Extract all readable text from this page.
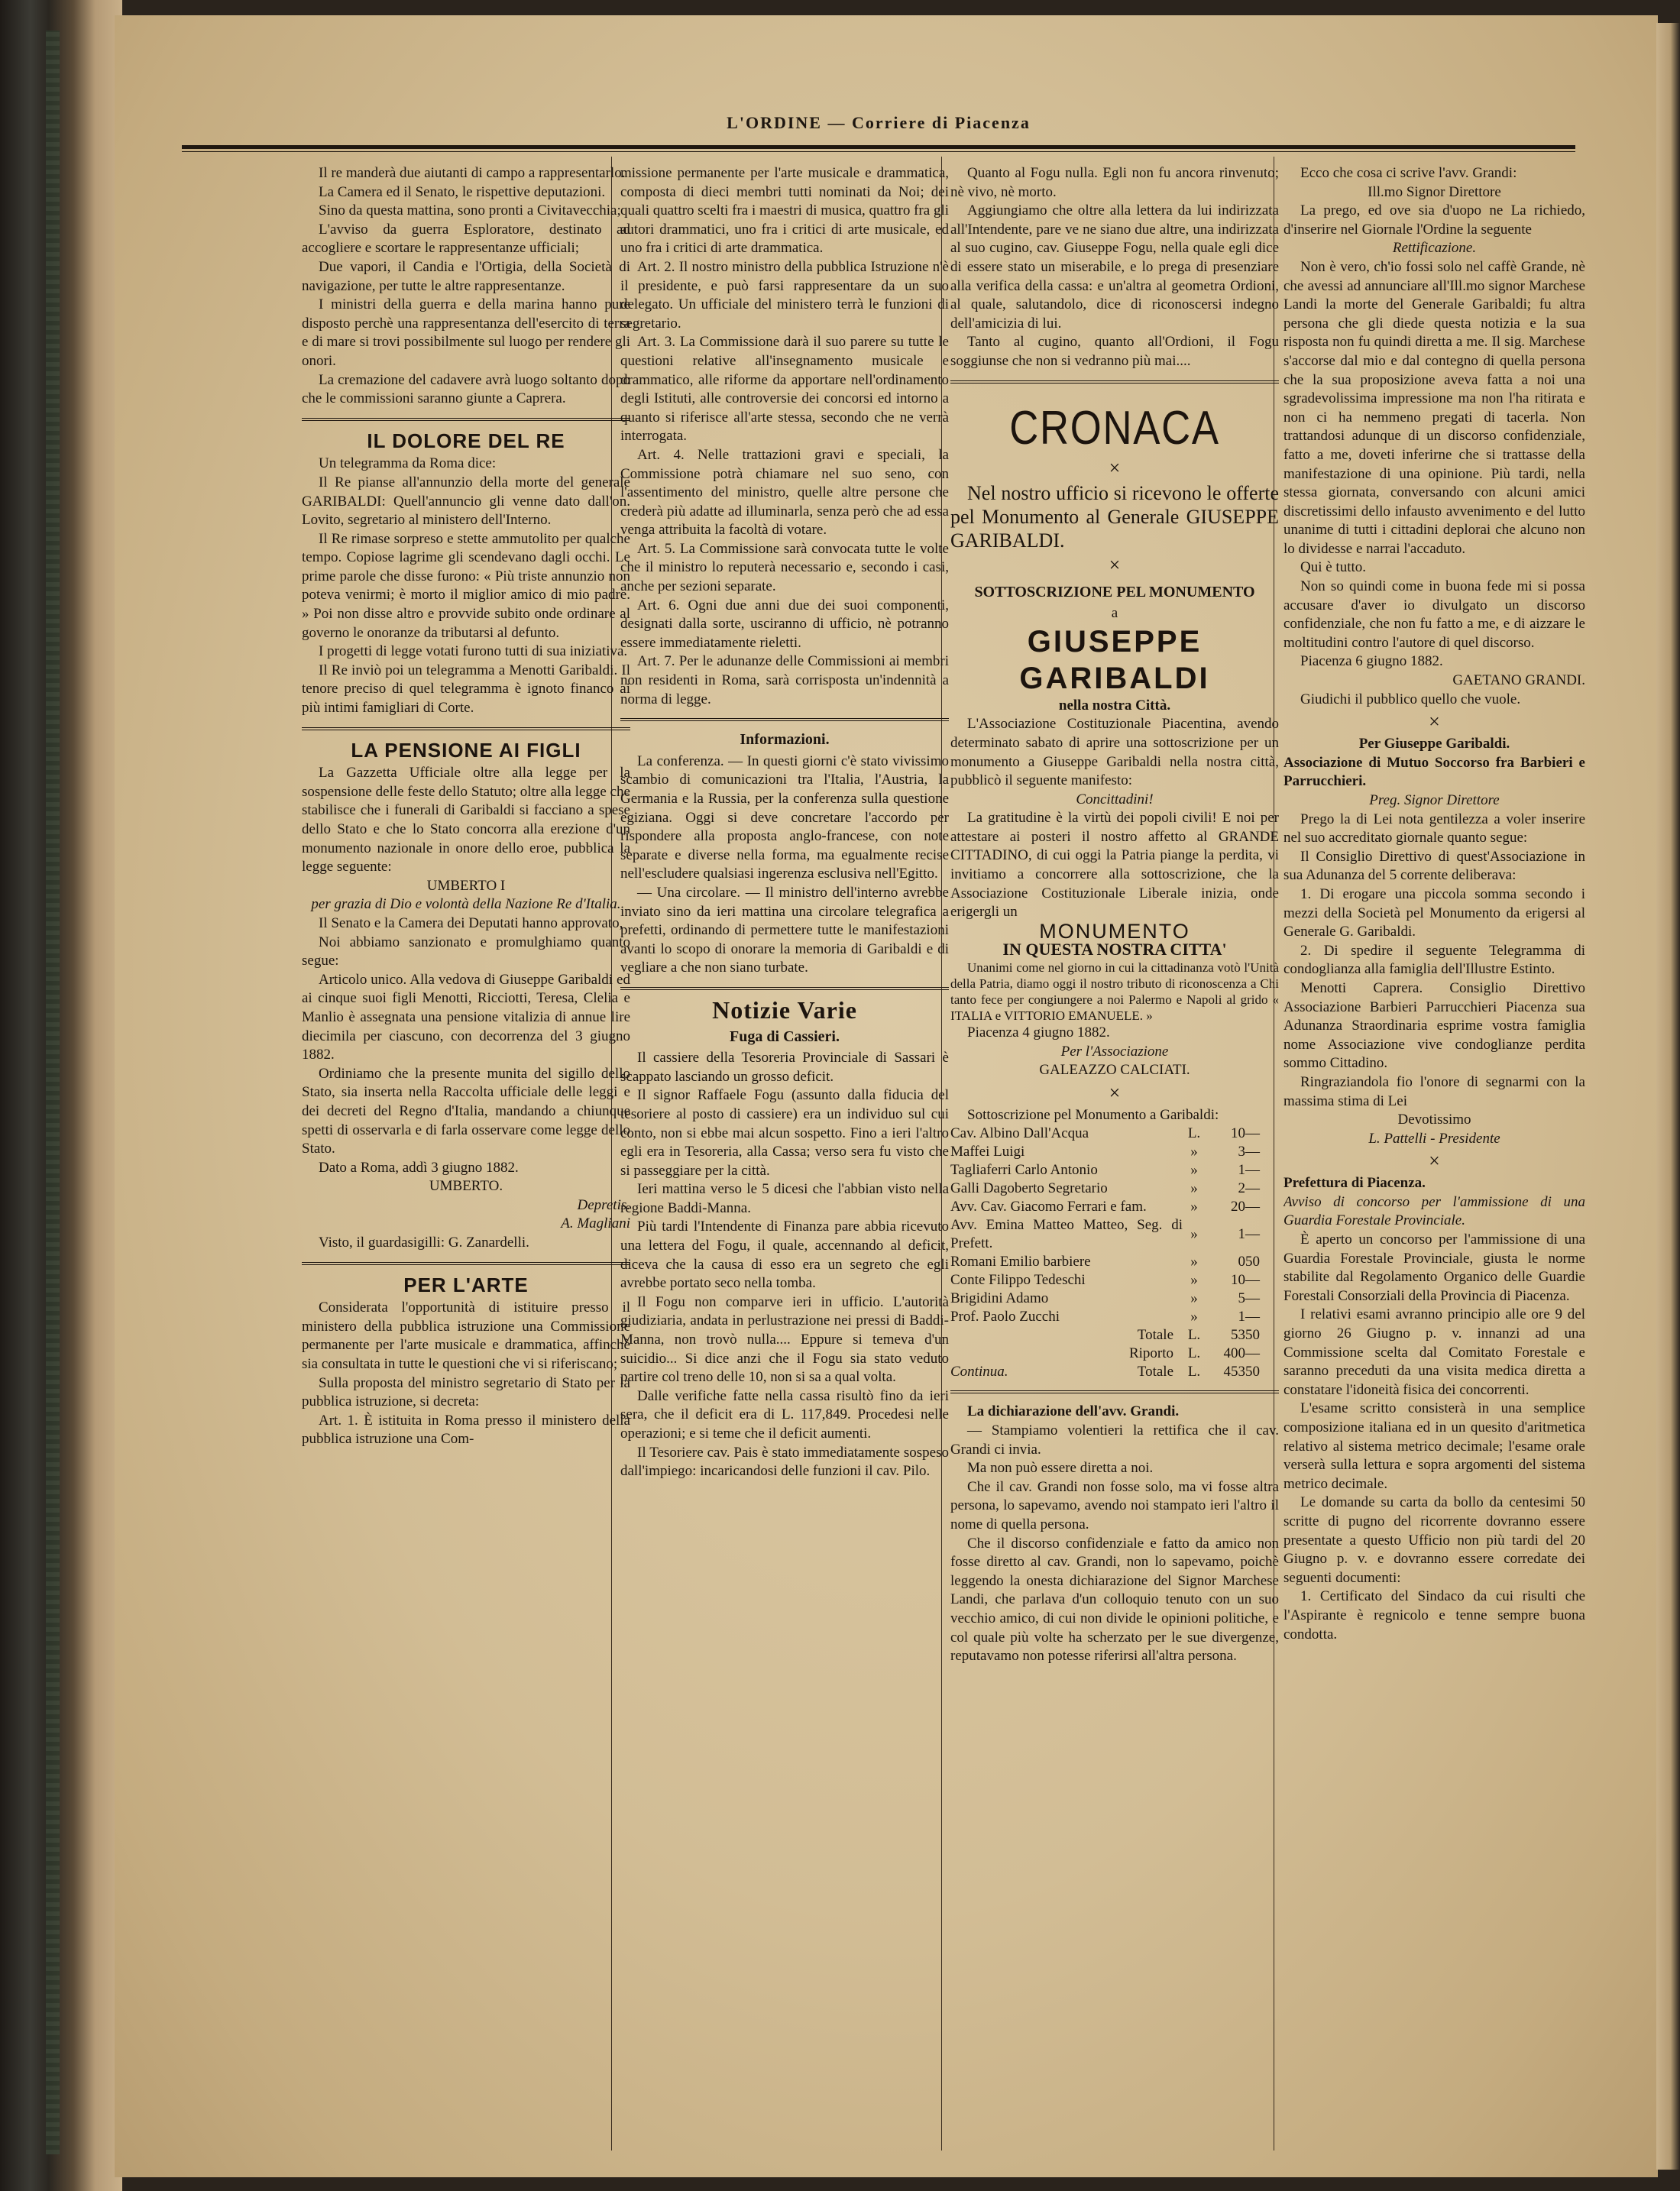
L'ORDINE — Corriere di Piacenza

Il re manderà due aiutanti di campo a rappresentarlo.

La Camera ed il Senato, le rispettive deputazioni.

Sino da questa mattina, sono pronti a Civitavecchia;

L'avviso da guerra Esploratore, destinato ad accogliere e scortare le rappresentanze ufficiali;

Due vapori, il Candia e l'Ortigia, della Società di navigazione, per tutte le altre rappresentanze.

I ministri della guerra e della marina hanno pure disposto perchè una rappresentanza dell'esercito di terra e di mare si trovi possibilmente sul luogo per rendere gli onori.

La cremazione del cadavere avrà luogo soltanto dopo che le commissioni saranno giunte a Caprera.

IL DOLORE DEL RE

Un telegramma da Roma dice:

Il Re pianse all'annunzio della morte del generale GARIBALDI: Quell'annuncio gli venne dato dall'on. Lovito, segretario al ministero dell'Interno.

Il Re rimase sorpreso e stette ammutolito per qualche tempo. Copiose lagrime gli scendevano dagli occhi. Le prime parole che disse furono: « Più triste annunzio non poteva venirmi; è morto il miglior amico di mio padre. » Poi non disse altro e provvide subito onde ordinare al governo le onoranze da tributarsi al defunto.

I progetti di legge votati furono tutti di sua iniziativa.

Il Re inviò poi un telegramma a Menotti Garibaldi. Il tenore preciso di quel telegramma è ignoto financo ai più intimi famigliari di Corte.

LA PENSIONE AI FIGLI

La Gazzetta Ufficiale oltre alla legge per la sospensione delle feste dello Statuto; oltre alla legge che stabilisce che i funerali di Garibaldi si facciano a spese dello Stato e che lo Stato concorra alla erezione d'un monumento nazionale in onore dello eroe, pubblica la legge seguente:

UMBERTO I

per grazia di Dio e volontà della Nazione Re d'Italia.

Il Senato e la Camera dei Deputati hanno approvato,

Noi abbiamo sanzionato e promulghiamo quanto segue:

Articolo unico. Alla vedova di Giuseppe Garibaldi ed ai cinque suoi figli Menotti, Ricciotti, Teresa, Clelia e Manlio è assegnata una pensione vitalizia di annue lire diecimila per ciascuno, con decorrenza del 3 giugno 1882.

Ordiniamo che la presente munita del sigillo dello Stato, sia inserta nella Raccolta ufficiale delle leggi e dei decreti del Regno d'Italia, mandando a chiunque spetti di osservarla e di farla osservare come legge dello Stato.

Dato a Roma, addì 3 giugno 1882.

UMBERTO.

Depretis.

A. Magliani

Visto, il guardasigilli: G. Zanardelli.

PER L'ARTE

Considerata l'opportunità di istituire presso il ministero della pubblica istruzione una Commissione permanente per l'arte musicale e drammatica, affinchè sia consultata in tutte le questioni che vi si riferiscano;

Sulla proposta del ministro segretario di Stato per la pubblica istruzione, si decreta:

Art. 1. È istituita in Roma presso il ministero della pubblica istruzione una Com-

missione permanente per l'arte musicale e drammatica, composta di dieci membri tutti nominati da Noi; dei quali quattro scelti fra i maestri di musica, quattro fra gli autori drammatici, uno fra i critici di arte musicale, ed uno fra i critici di arte drammatica.

Art. 2. Il nostro ministro della pubblica Istruzione n'è il presidente, e può farsi rappresentare da un suo delegato. Un ufficiale del ministero terrà le funzioni di segretario.

Art. 3. La Commissione darà il suo parere su tutte le questioni relative all'insegnamento musicale e drammatico, alle riforme da apportare nell'ordinamento degli Istituti, alle controversie dei concorsi ed intorno a quanto si riferisce all'arte stessa, secondo che ne verrà interrogata.

Art. 4. Nelle trattazioni gravi e speciali, la Commissione potrà chiamare nel suo seno, con l'assentimento del ministro, quelle altre persone che crederà più adatte ad illuminarla, senza però che ad essa venga attribuita la facoltà di votare.

Art. 5. La Commissione sarà convocata tutte le volte che il ministro lo reputerà necessario e, secondo i casi, anche per sezioni separate.

Art. 6. Ogni due anni due dei suoi componenti, designati dalla sorte, usciranno di ufficio, nè potranno essere immediatamente rieletti.

Art. 7. Per le adunanze delle Commissioni ai membri non residenti in Roma, sarà corrisposta un'indennità a norma di legge.

Informazioni.

La conferenza. — In questi giorni c'è stato vivissimo scambio di comunicazioni tra l'Italia, l'Austria, la Germania e la Russia, per la conferenza sulla questione egiziana. Oggi si deve concretare l'accordo per rispondere alla proposta anglo-francese, con note separate e diverse nella forma, ma egualmente recise nell'escludere qualsiasi ingerenza esclusiva nell'Egitto.

— Una circolare. — Il ministro dell'interno avrebbe inviato sino da ieri mattina una circolare telegrafica a prefetti, ordinando di permettere tutte le manifestazioni avanti lo scopo di onorare la memoria di Garibaldi e di vegliare a che non siano turbate.

Notizie Varie
Fuga di Cassieri.

Il cassiere della Tesoreria Provinciale di Sassari è scappato lasciando un grosso deficit.

Il signor Raffaele Fogu (assunto dalla fiducia del tesoriere al posto di cassiere) era un individuo sul cui conto, non si ebbe mai alcun sospetto. Fino a ieri l'altro egli era in Tesoreria, alla Cassa; verso sera fu visto che si passeggiare per la città.

Ieri mattina verso le 5 dicesi che l'abbian visto nella regione Baddi-Manna.

Più tardi l'Intendente di Finanza pare abbia ricevuto una lettera del Fogu, il quale, accennando al deficit, diceva che la causa di esso era un segreto che egli avrebbe portato seco nella tomba.

Il Fogu non comparve ieri in ufficio. L'autorità giudiziaria, andata in perlustrazione nei pressi di Baddi-Manna, non trovò nulla.... Eppure si temeva d'un suicidio... Si dice anzi che il Fogu sia stato veduto partire col treno delle 10, non si sa a qual volta.

Dalle verifiche fatte nella cassa risultò fino da ieri sera, che il deficit era di L. 117,849. Procedesi nelle operazioni; e si teme che il deficit aumenti.

Il Tesoriere cav. Pais è stato immediatamente sospeso dall'impiego: incaricandosi delle funzioni il cav. Pilo.

Quanto al Fogu nulla. Egli non fu ancora rinvenuto; nè vivo, nè morto.

Aggiungiamo che oltre alla lettera da lui indirizzata all'Intendente, pare ve ne siano due altre, una indirizzata al suo cugino, cav. Giuseppe Fogu, nella quale egli dice di essere stato un miserabile, e lo prega di presenziare alla verifica della cassa: e un'altra al geometra Ordioni, al quale, salutandolo, dice di riconoscersi indegno dell'amicizia di lui.

Tanto al cugino, quanto all'Ordioni, il Fogu soggiunse che non si vedranno più mai....

CRONACA
×

Nel nostro ufficio si ricevono le offerte pel Monumento al Generale GIUSEPPE GARIBALDI.

×
SOTTOSCRIZIONE PEL MONUMENTO

a

GIUSEPPE GARIBALDI

nella nostra Città.

L'Associazione Costituzionale Piacentina, avendo determinato sabato di aprire una sottoscrizione per un monumento a Giuseppe Garibaldi nella nostra città, pubblicò il seguente manifesto:

Concittadini!

La gratitudine è la virtù dei popoli civili! E noi per attestare ai posteri il nostro affetto al GRANDE CITTADINO, di cui oggi la Patria piange la perdita, vi invitiamo a concorrere alla sottoscrizione, che la Associazione Costituzionale Liberale inizia, onde erigergli un

MONUMENTO

IN QUESTA NOSTRA CITTA'

Unanimi come nel giorno in cui la cittadinanza votò l'Unità della Patria, diamo oggi il nostro tributo di riconoscenza a Chi tanto fece per congiungere a noi Palermo e Napoli al grido « ITALIA e VITTORIO EMANUELE. »

Piacenza 4 giugno 1882.

Per l'Associazione

GALEAZZO CALCIATI.

×

Sottoscrizione pel Monumento a Garibaldi:

Cav. Albino Dall'Acqua	L.	10	—
Maffei Luigi	»	3	—
Tagliaferri Carlo Antonio	»	1	—
Galli Dagoberto Segretario	»	2	—
Avv. Cav. Giacomo Ferrari e fam.	»	20	—
Avv. Emina Matteo Matteo, Seg. di Prefett.	»	1	—
Romani Emilio barbiere	»	0	50
Conte Filippo Tedeschi	»	10	—
Brigidini Adamo	»	5	—
Prof. Paolo Zucchi	»	1	—
Totale	L.	53	50
Riporto	L.	400	—

Continua. Totale	L.	453	50

La dichiarazione dell'avv. Grandi.

— Stampiamo volentieri la rettifica che il cav. Grandi ci invia.

Ma non può essere diretta a noi.

Che il cav. Grandi non fosse solo, ma vi fosse altra persona, lo sapevamo, avendo noi stampato ieri l'altro il nome di quella persona.

Che il discorso confidenziale e fatto da amico non fosse diretto al cav. Grandi, non lo sapevamo, poichè leggendo la onesta dichiarazione del Signor Marchese Landi, che parlava d'un colloquio tenuto con un suo vecchio amico, di cui non divide le opinioni politiche, e col quale più volte ha scherzato per le sue divergenze, reputavamo non potesse riferirsi all'altra persona.

Ecco che cosa ci scrive l'avv. Grandi:

Ill.mo Signor Direttore

La prego, ed ove sia d'uopo ne La richiedo, d'inserire nel Giornale l'Ordine la seguente

Rettificazione.

Non è vero, ch'io fossi solo nel caffè Grande, nè che avessi ad annunciare all'Ill.mo signor Marchese Landi la morte del Generale Garibaldi; fu altra persona che gli diede questa notizia e la sua risposta non fu quindi diretta a me. Il sig. Marchese s'accorse dal mio e dal contegno di quella persona che la sua proposizione aveva fatta a noi una sgradevolissima impressione ma non l'ha ritirata e non ci ha nemmeno pregati di tacerla. Non trattandosi adunque di un discorso confidenziale, fatto a me, doveti inferirne che si trattasse della manifestazione di una opinione. Più tardi, nella stessa giornata, conversando con alcuni amici discretissimi dello infausto avvenimento e del lutto unanime di tutti i cittadini deplorai che alcuno non lo dividesse e narrai l'accaduto.

Qui è tutto.

Non so quindi come in buona fede mi si possa accusare d'aver io divulgato un discorso confidenziale, che non fu fatto a me, e di aizzare le moltitudini contro l'autore di quel discorso.

Piacenza 6 giugno 1882.

GAETANO GRANDI.

Giudichi il pubblico quello che vuole.

×

Per Giuseppe Garibaldi.

Associazione di Mutuo Soccorso fra Barbieri e Parrucchieri.

Preg. Signor Direttore

Prego la di Lei nota gentilezza a voler inserire nel suo accreditato giornale quanto segue:

Il Consiglio Direttivo di quest'Associazione in sua Adunanza del 5 corrente deliberava:

1. Di erogare una piccola somma secondo i mezzi della Società pel Monumento da erigersi al Generale G. Garibaldi.

2. Di spedire il seguente Telegramma di condoglianza alla famiglia dell'Illustre Estinto.

Menotti Caprera. Consiglio Direttivo Associazione Barbieri Parrucchieri Piacenza sua Adunanza Straordinaria esprime vostra famiglia nome Associazione vive condoglianze perdita sommo Cittadino.

Ringraziandola fio l'onore di segnarmi con la massima stima di Lei

Devotissimo

L. Pattelli - Presidente

×

Prefettura di Piacenza.

Avviso di concorso per l'ammissione di una Guardia Forestale Provinciale.

È aperto un concorso per l'ammissione di una Guardia Forestale Provinciale, giusta le norme stabilite dal Regolamento Organico delle Guardie Forestali Consorziali della Provincia di Piacenza.

I relativi esami avranno principio alle ore 9 del giorno 26 Giugno p. v. innanzi ad una Commissione scelta dal Comitato Forestale e saranno preceduti da una visita medica diretta a constatare l'idoneità fisica dei concorrenti.

L'esame scritto consisterà in una semplice composizione italiana ed in un quesito d'aritmetica relativo al sistema metrico decimale; l'esame orale verserà sulla lettura e sopra argomenti del sistema metrico decimale.

Le domande su carta da bollo da centesimi 50 scritte di pugno del ricorrente dovranno essere presentate a questo Ufficio non più tardi del 20 Giugno p. v. e dovranno essere corredate dei seguenti documenti:

1. Certificato del Sindaco da cui risulti che l'Aspirante è regnicolo e tenne sempre buona condotta.
